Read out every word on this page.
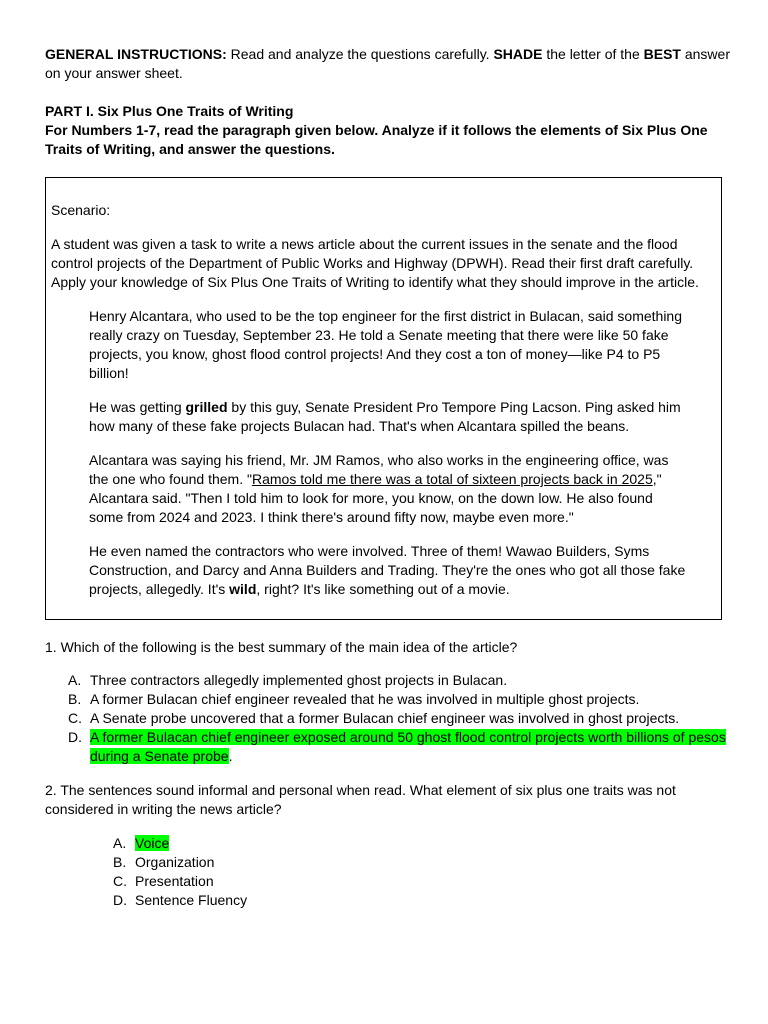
GENERAL INSTRUCTIONS: Read and analyze the questions carefully. SHADE the letter of the BEST answer on your answer sheet.

PART I. Six Plus One Traits of Writing

For Numbers 1-7, read the paragraph given below. Analyze if it follows the elements of Six Plus One Traits of Writing, and answer the questions.

Scenario:

A student was given a task to write a news article about the current issues in the senate and the flood control projects of the Department of Public Works and Highway (DPWH). Read their first draft carefully. Apply your knowledge of Six Plus One Traits of Writing to identify what they should improve in the article.

Henry Alcantara, who used to be the top engineer for the first district in Bulacan, said something really crazy on Tuesday, September 23. He told a Senate meeting that there were like 50 fake projects, you know, ghost flood control projects! And they cost a ton of money—like P4 to P5 billion!

He was getting grilled by this guy, Senate President Pro Tempore Ping Lacson. Ping asked him how many of these fake projects Bulacan had. That's when Alcantara spilled the beans.

Alcantara was saying his friend, Mr. JM Ramos, who also works in the engineering office, was the one who found them. "Ramos told me there was a total of sixteen projects back in 2025," Alcantara said. "Then I told him to look for more, you know, on the down low. He also found some from 2024 and 2023. I think there's around fifty now, maybe even more."

He even named the contractors who were involved. Three of them! Wawao Builders, Syms Construction, and Darcy and Anna Builders and Trading. They're the ones who got all those fake projects, allegedly. It's wild, right? It's like something out of a movie.

1. Which of the following is the best summary of the main idea of the article?

A. Three contractors allegedly implemented ghost projects in Bulacan.
B. A former Bulacan chief engineer revealed that he was involved in multiple ghost projects.
C. A Senate probe uncovered that a former Bulacan chief engineer was involved in ghost projects.
D. A former Bulacan chief engineer exposed around 50 ghost flood control projects worth billions of pesos during a Senate probe.

2. The sentences sound informal and personal when read. What element of six plus one traits was not considered in writing the news article?

A. Voice
B. Organization
C. Presentation
D. Sentence Fluency
